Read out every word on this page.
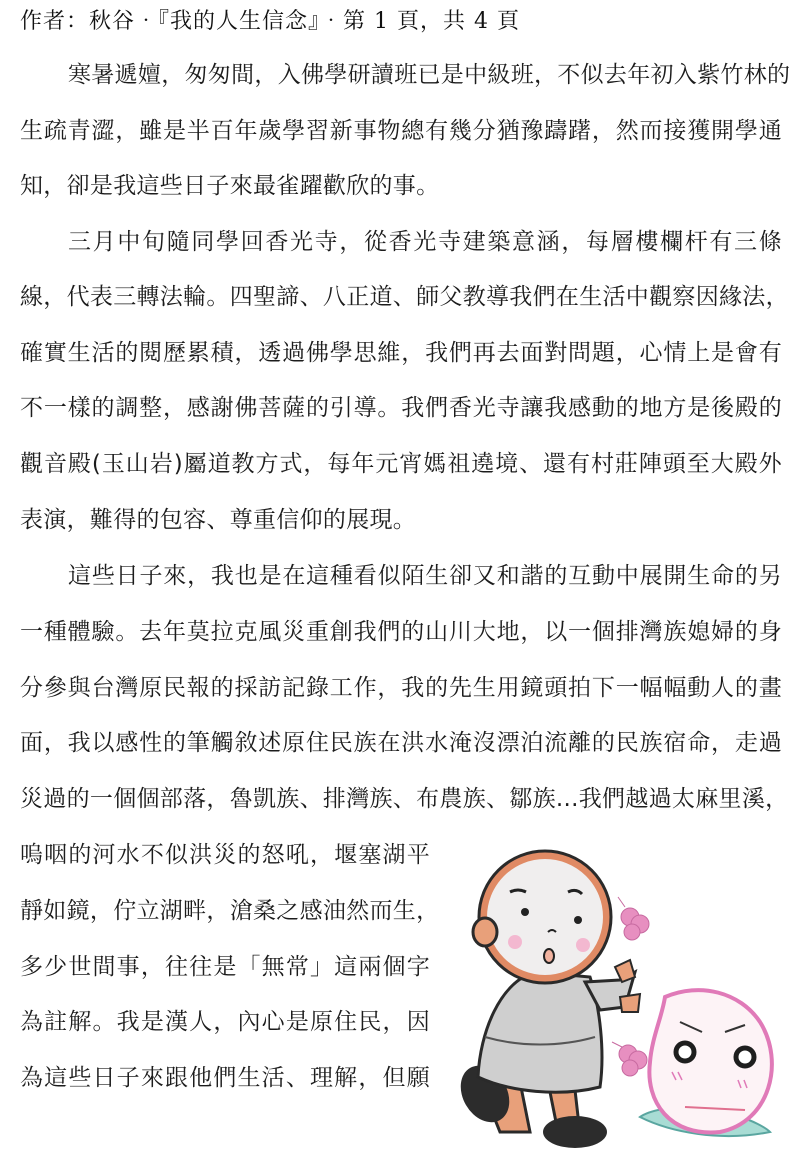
作者：秋谷‧『我的人生信念』‧第 1 頁，共 4 頁
寒暑遞嬗，匆匆間，入佛學研讀班已是中級班，不似去年初入紫竹林的
生疏青澀，雖是半百年歲學習新事物總有幾分猶豫躊躇，然而接獲開學通
知，卻是我這些日子來最雀躍歡欣的事。
三月中旬隨同學回香光寺，從香光寺建築意涵，每層樓欄杆有三條
線，代表三轉法輪。四聖諦、八正道、師父教導我們在生活中觀察因緣法，
確實生活的閱歷累積，透過佛學思維，我們再去面對問題，心情上是會有
不一樣的調整，感謝佛菩薩的引導。我們香光寺讓我感動的地方是後殿的
觀音殿(玉山岩)屬道教方式，每年元宵媽祖遶境、還有村莊陣頭至大殿外
表演，難得的包容、尊重信仰的展現。
這些日子來，我也是在這種看似陌生卻又和諧的互動中展開生命的另
一種體驗。去年莫拉克風災重創我們的山川大地，以一個排灣族媳婦的身
分參與台灣原民報的採訪記錄工作，我的先生用鏡頭拍下一幅幅動人的畫
面，我以感性的筆觸敘述原住民族在洪水淹沒漂泊流離的民族宿命，走過
災過的一個個部落，魯凱族、排灣族、布農族、鄒族...我們越過太麻里溪，
嗚咽的河水不似洪災的怒吼，堰塞湖平
靜如鏡，佇立湖畔，滄桑之感油然而生，
多少世間事，往往是「無常」這兩個字
為註解。我是漢人，內心是原住民，因
為這些日子來跟他們生活、理解，但願
